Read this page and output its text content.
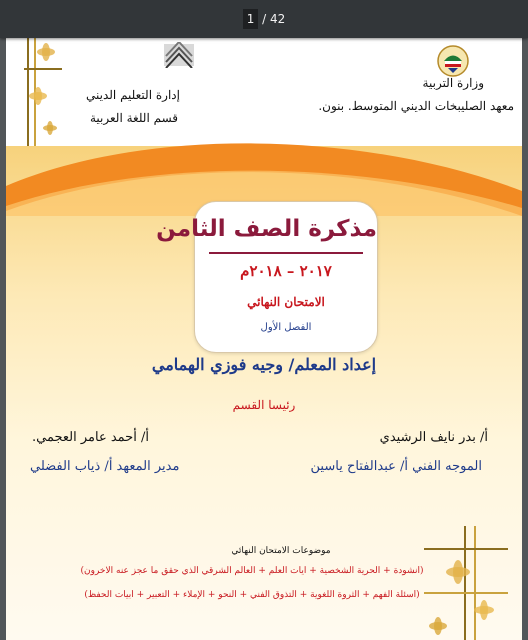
1 / 42
وزارة التربية
معهد الصليبخات الديني المتوسط. بنون.
إدارة التعليم الديني
قسم اللغة العربية
مذكرة الصف الثامن
٢٠١٧ – ٢٠١٨م
الامتحان النهائي
الفصل الأول
إعداد المعلم/ وجيه فوزي الهمامي
رئيسا القسم
أ/ بدر نايف الرشيدي
أ/ أحمد عامر العجمي.
الموجه الفني أ/ عبدالفتاح ياسين
مدير المعهد أ/ ذياب الفضلي
موضوعات الامتحان النهائي
(أنشودة + الحرية الشخصية + آيات العلم + العالم الشرقي الذي حقق ما عجز عنه الآخرون)
(أسئلة الفهم + الثروة اللغوية + التذوق الفني + النحو + الإملاء + التعبير + أبيات الحفظ)
